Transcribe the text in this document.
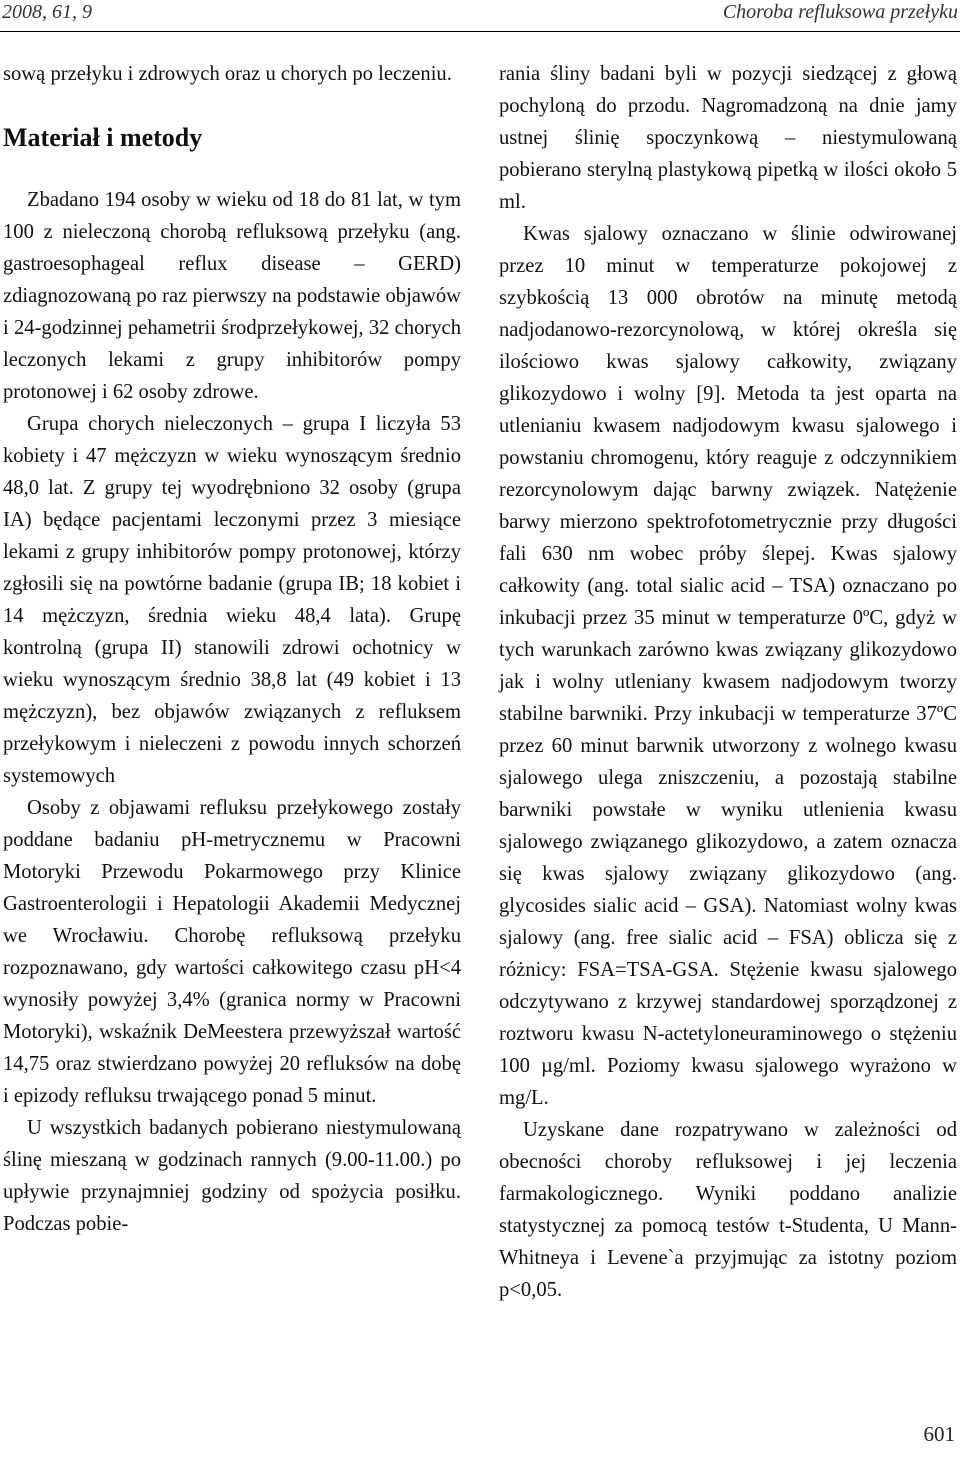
2008, 61, 9	Choroba refluksowa przełyku

sową przełyku i zdrowych oraz u chorych po leczeniu.

Materiał i metody

Zbadano 194 osoby w wieku od 18 do 81 lat, w tym 100 z nieleczoną chorobą refluksową przełyku (ang. gastroesophageal reflux disease – GERD) zdiagnozowaną po raz pierwszy na podstawie objawów i 24-godzinnej pehametrii środprzełykowej, 32 chorych leczonych lekami z grupy inhibitorów pompy protonowej i 62 osoby zdrowe.

Grupa chorych nieleczonych – grupa I liczyła 53 kobiety i 47 mężczyzn w wieku wynoszącym średnio 48,0 lat. Z grupy tej wyodrębniono 32 osoby (grupa IA) będące pacjentami leczonymi przez 3 miesiące lekami z grupy inhibitorów pompy protonowej, którzy zgłosili się na powtórne badanie (grupa IB; 18 kobiet i 14 mężczyzn, średnia wieku 48,4 lata). Grupę kontrolną (grupa II) stanowili zdrowi ochotnicy w wieku wynoszącym średnio 38,8 lat (49 kobiet i 13 mężczyzn), bez objawów związanych z refluksem przełykowym i nieleczeni z powodu innych schorzeń systemowych

Osoby z objawami refluksu przełykowego zostały poddane badaniu pH-metrycznemu w Pracowni Motoryki Przewodu Pokarmowego przy Klinice Gastroenterologii i Hepatologii Akademii Medycznej we Wrocławiu. Chorobę refluksową przełyku rozpoznawano, gdy wartości całkowitego czasu pH<4 wynosiły powyżej 3,4% (granica normy w Pracowni Motoryki), wskaźnik DeMeestera przewyższał wartość 14,75 oraz stwierdzano powyżej 20 refluksów na dobę i epizody refluksu trwającego ponad 5 minut.

U wszystkich badanych pobierano niestymulowaną ślinę mieszaną w godzinach rannych (9.00-11.00.) po upływie przynajmniej godziny od spożycia posiłku. Podczas pobie-

rania śliny badani byli w pozycji siedzącej z głową pochyloną do przodu. Nagromadzoną na dnie jamy ustnej ślinię spoczynkową – niestymulowaną pobierano sterylną plastykową pipetką w ilości około 5 ml.

Kwas sjalowy oznaczano w ślinie odwirowanej przez 10 minut w temperaturze pokojowej z szybkością 13 000 obrotów na minutę metodą nadjodanowo-rezorcynolową, w której określa się ilościowo kwas sjalowy całkowity, związany glikozydowo i wolny [9]. Metoda ta jest oparta na utlenianiu kwasem nadjodowym kwasu sjalowego i powstaniu chromogenu, który reaguje z odczynnikiem rezorcynolowym dając barwny związek. Natężenie barwy mierzono spektrofotometrycznie przy długości fali 630 nm wobec próby ślepej. Kwas sjalowy całkowity (ang. total sialic acid – TSA) oznaczano po inkubacji przez 35 minut w temperaturze 0ºC, gdyż w tych warunkach zarówno kwas związany glikozydowo jak i wolny utleniany kwasem nadjodowym tworzy stabilne barwniki. Przy inkubacji w temperaturze 37ºC przez 60 minut barwnik utworzony z wolnego kwasu sjalowego ulega zniszczeniu, a pozostają stabilne barwniki powstałe w wyniku utlenienia kwasu sjalowego związanego glikozydowo, a zatem oznacza się kwas sjalowy związany glikozydowo (ang. glycosides sialic acid – GSA). Natomiast wolny kwas sjalowy (ang. free sialic acid – FSA) oblicza się z różnicy: FSA=TSA-GSA. Stężenie kwasu sjalowego odczytywano z krzywej standardowej sporządzonej z roztworu kwasu N-actetyloneuraminowego o stężeniu 100 µg/ml. Poziomy kwasu sjalowego wyrażono w mg/L.

Uzyskane dane rozpatrywano w zależności od obecności choroby refluksowej i jej leczenia farmakologicznego. Wyniki poddano analizie statystycznej za pomocą testów t-Studenta, U Mann-Whitneya i Levene`a przyjmując za istotny poziom p<0,05.

601
